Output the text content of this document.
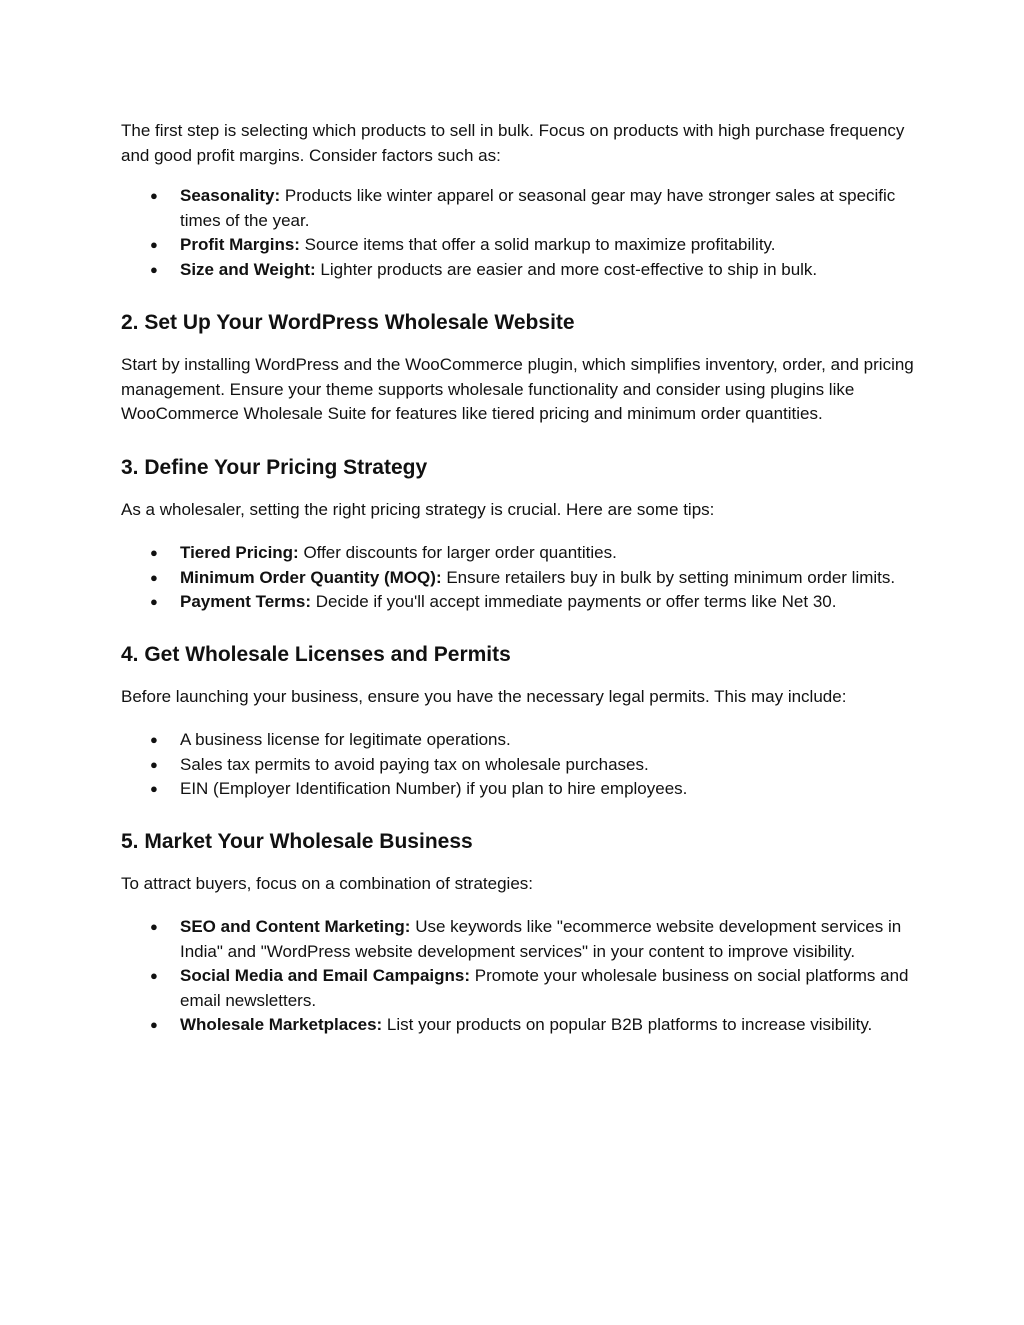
The first step is selecting which products to sell in bulk. Focus on products with high purchase frequency and good profit margins. Consider factors such as:

● Seasonality: Products like winter apparel or seasonal gear may have stronger sales at specific times of the year.
● Profit Margins: Source items that offer a solid markup to maximize profitability.
● Size and Weight: Lighter products are easier and more cost-effective to ship in bulk.
2. Set Up Your WordPress Wholesale Website

Start by installing WordPress and the WooCommerce plugin, which simplifies inventory, order, and pricing management. Ensure your theme supports wholesale functionality and consider using plugins like WooCommerce Wholesale Suite for features like tiered pricing and minimum order quantities.

3. Define Your Pricing Strategy

As a wholesaler, setting the right pricing strategy is crucial. Here are some tips:

● Tiered Pricing: Offer discounts for larger order quantities.
● Minimum Order Quantity (MOQ): Ensure retailers buy in bulk by setting minimum order limits.
● Payment Terms: Decide if you'll accept immediate payments or offer terms like Net 30.
4. Get Wholesale Licenses and Permits

Before launching your business, ensure you have the necessary legal permits. This may include:

● A business license for legitimate operations.
● Sales tax permits to avoid paying tax on wholesale purchases.
● EIN (Employer Identification Number) if you plan to hire employees.
5. Market Your Wholesale Business

To attract buyers, focus on a combination of strategies:

● SEO and Content Marketing: Use keywords like "ecommerce website development services in India" and "WordPress website development services" in your content to improve visibility.
● Social Media and Email Campaigns: Promote your wholesale business on social platforms and email newsletters.
● Wholesale Marketplaces: List your products on popular B2B platforms to increase visibility.
